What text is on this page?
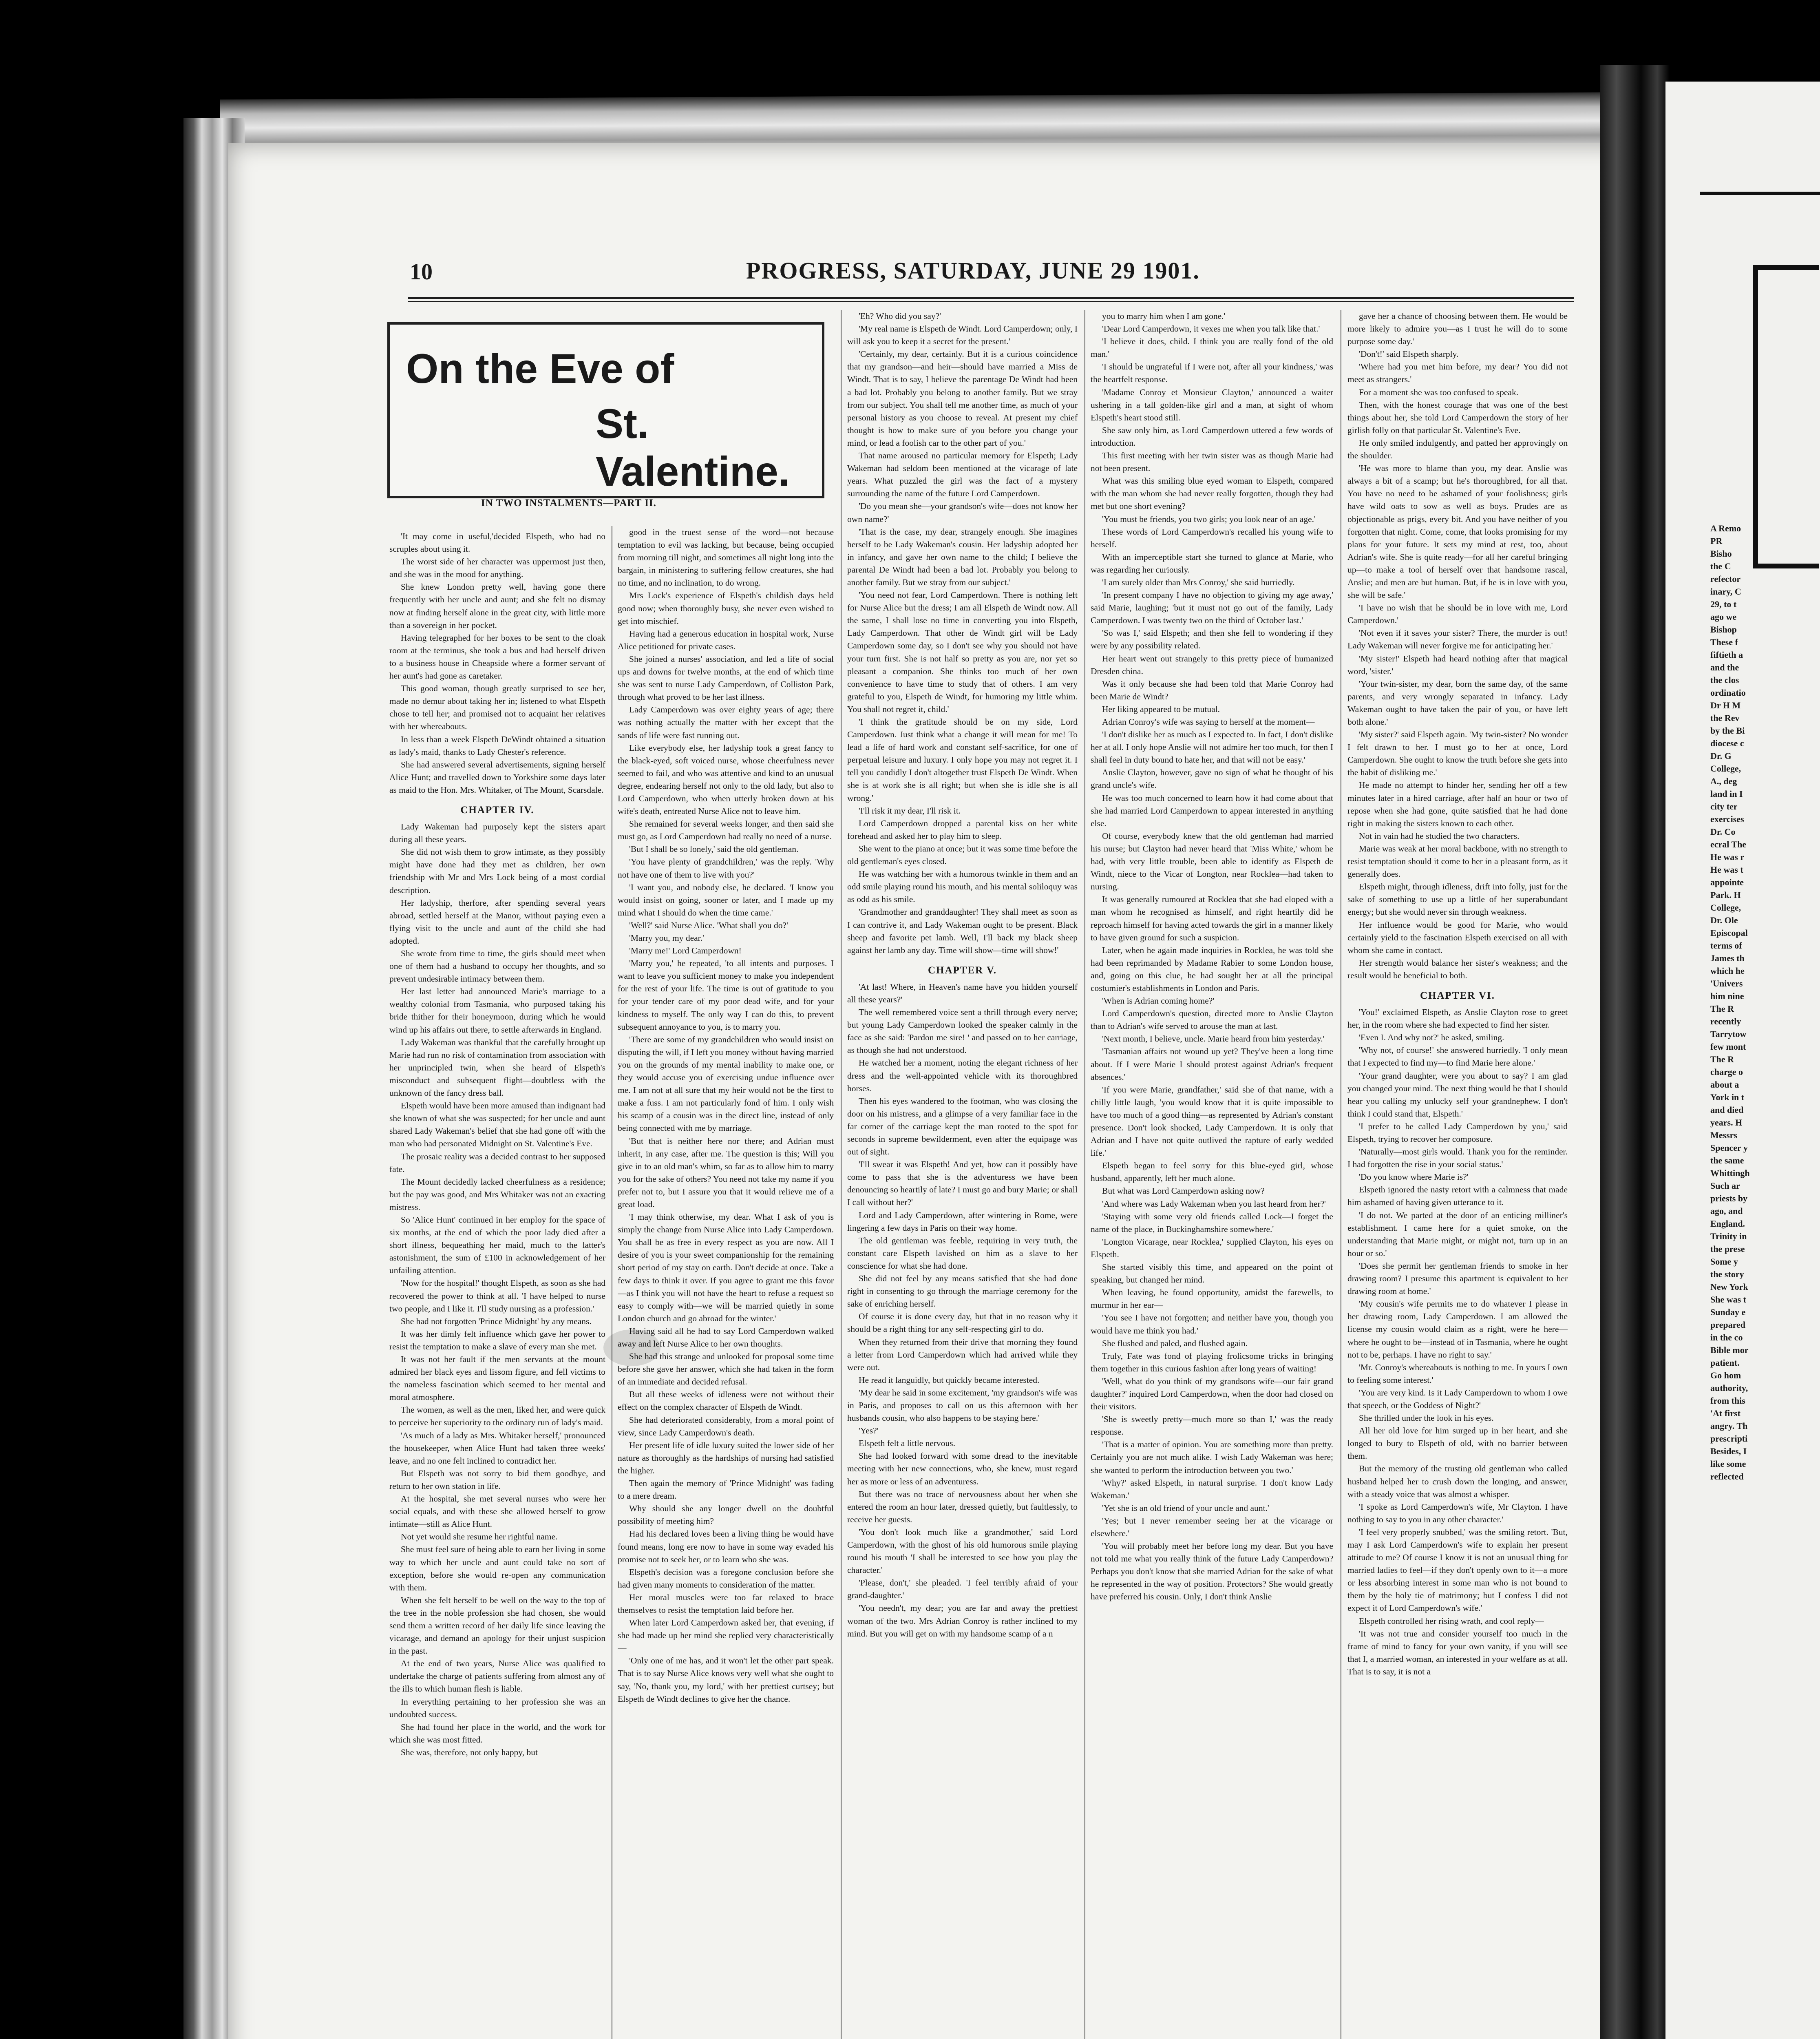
A Remo
PR
Bisho
the C
refector
inary, C
29, to t
ago we
Bishop
These f
fiftieth a
and the
the clos
ordinatio
Dr H M
the Rev
by the Bi
diocese c
Dr. G
College,
A., deg
land in I
city ter
exercises
Dr. Co
ecral The
He was r
He was t
appointe
Park. H
College,
Dr. Ole
Episcopal
terms of
James th
which he
'Univers
him nine
The R
recently
Tarrytow
few mont
The R
charge o
about a
York in t
and died
years. H
Messrs
Spencer y
the same
Whittingh
Such ar
priests by
ago, and
England.
Trinity in
the prese
Some y
the story
New York
She was t
Sunday e
prepared
in the co
Bible mor
patient.
Go hom
authority,
from this
'At first
angry. Th
prescripti
Besides, I
like some
reflected
10	PROGRESS, SATURDAY, JUNE 29 1901.
On the Eve of
St. Valentine.
IN TWO INSTALMENTS—PART II.

'It may come in useful,'decided Elspeth, who had no scruples about using it.

The worst side of her character was uppermost just then, and she was in the mood for anything.

She knew London pretty well, having gone there frequently with her uncle and aunt; and she felt no dismay now at finding herself alone in the great city, with little more than a sovereign in her pocket.

Having telegraphed for her boxes to be sent to the cloak room at the terminus, she took a bus and had herself driven to a business house in Cheapside where a former servant of her aunt's had gone as caretaker.

This good woman, though greatly surprised to see her, made no demur about taking her in; listened to what Elspeth chose to tell her; and promised not to acquaint her relatives with her whereabouts.

In less than a week Elspeth DeWindt obtained a situation as lady's maid, thanks to Lady Chester's reference.

She had answered several advertisements, signing herself Alice Hunt; and travelled down to Yorkshire some days later as maid to the Hon. Mrs. Whitaker, of The Mount, Scarsdale.

CHAPTER IV.

Lady Wakeman had purposely kept the sisters apart during all these years.

She did not wish them to grow intimate, as they possibly might have done had they met as children, her own friendship with Mr and Mrs Lock being of a most cordial description.

Her ladyship, therfore, after spending several years abroad, settled herself at the Manor, without paying even a flying visit to the uncle and aunt of the child she had adopted.

She wrote from time to time, the girls should meet when one of them had a husband to occupy her thoughts, and so prevent undesirable intimacy between them.

Her last letter had announced Marie's marriage to a wealthy colonial from Tasmania, who purposed taking his bride thither for their honeymoon, during which he would wind up his affairs out there, to settle afterwards in England.

Lady Wakeman was thankful that the carefully brought up Marie had run no risk of contamination from association with her unprincipled twin, when she heard of Elspeth's misconduct and subsequent flight—doubtless with the unknown of the fancy dress ball.

Elspeth would have been more amused than indignant had she known of what she was suspected; for her uncle and aunt shared Lady Wakeman's belief that she had gone off with the man who had personated Midnight on St. Valentine's Eve.

The prosaic reality was a decided contrast to her supposed fate.

The Mount decidedly lacked cheerfulness as a residence; but the pay was good, and Mrs Whitaker was not an exacting mistress.

So 'Alice Hunt' continued in her employ for the space of six months, at the end of which the poor lady died after a short illness, bequeathing her maid, much to the latter's astonishment, the sum of £100 in acknowledgement of her unfailing attention.

'Now for the hospital!' thought Elspeth, as soon as she had recovered the power to think at all. 'I have helped to nurse two people, and I like it. I'll study nursing as a profession.'

She had not forgotten 'Prince Midnight' by any means.

It was her dimly felt influence which gave her power to resist the temptation to make a slave of every man she met.

It was not her fault if the men servants at the mount admired her black eyes and lissom figure, and fell victims to the nameless fascination which seemed to her mental and moral atmosphere.

The women, as well as the men, liked her, and were quick to perceive her superiority to the ordinary run of lady's maid.

'As much of a lady as Mrs. Whitaker herself,' pronounced the housekeeper, when Alice Hunt had taken three weeks' leave, and no one felt inclined to contradict her.

But Elspeth was not sorry to bid them goodbye, and return to her own station in life.

At the hospital, she met several nurses who were her social equals, and with these she allowed herself to grow intimate—still as Alice Hunt.

Not yet would she resume her rightful name.

She must feel sure of being able to earn her living in some way to which her uncle and aunt could take no sort of exception, before she would re-open any communication with them.

When she felt herself to be well on the way to the top of the tree in the noble profession she had chosen, she would send them a written record of her daily life since leaving the vicarage, and demand an apology for their unjust suspicion in the past.

At the end of two years, Nurse Alice was qualified to undertake the charge of patients suffering from almost any of the ills to which human flesh is liable.

In everything pertaining to her profession she was an undoubted success.

She had found her place in the world, and the work for which she was most fitted.

She was, therefore, not only happy, but

good in the truest sense of the word—not because temptation to evil was lacking, but because, being occupied from morning till night, and sometimes all night long into the bargain, in ministering to suffering fellow creatures, she had no time, and no inclination, to do wrong.

Mrs Lock's experience of Elspeth's childish days held good now; when thoroughly busy, she never even wished to get into mischief.

Having had a generous education in hospital work, Nurse Alice petitioned for private cases.

She joined a nurses' association, and led a life of social ups and downs for twelve months, at the end of which time she was sent to nurse Lady Camperdown, of Colliston Park, through what proved to be her last illness.

Lady Camperdown was over eighty years of age; there was nothing actually the matter with her except that the sands of life were fast running out.

Like everybody else, her ladyship took a great fancy to the black-eyed, soft voiced nurse, whose cheerfulness never seemed to fail, and who was attentive and kind to an unusual degree, endearing herself not only to the old lady, but also to Lord Camperdown, who when utterly broken down at his wife's death, entreated Nurse Alice not to leave him.

She remained for several weeks longer, and then said she must go, as Lord Camperdown had really no need of a nurse.

'But I shall be so lonely,' said the old gentleman.

'You have plenty of grandchildren,' was the reply. 'Why not have one of them to live with you?'

'I want you, and nobody else, he declared. 'I know you would insist on going, sooner or later, and I made up my mind what I should do when the time came.'

'Well?' said Nurse Alice. 'What shall you do?'

'Marry you, my dear.'

'Marry me!' Lord Camperdown!

'Marry you,' he repeated, 'to all intents and purposes. I want to leave you sufficient money to make you independent for the rest of your life. The time is out of gratitude to you for your tender care of my poor dead wife, and for your kindness to myself. The only way I can do this, to prevent subsequent annoyance to you, is to marry you.

'There are some of my grandchildren who would insist on disputing the will, if I left you money without having married you on the grounds of my mental inability to make one, or they would accuse you of exercising undue influence over me. I am not at all sure that my heir would not be the first to make a fuss. I am not particularly fond of him. I only wish his scamp of a cousin was in the direct line, instead of only being connected with me by marriage.

'But that is neither here nor there; and Adrian must inherit, in any case, after me. The question is this; Will you give in to an old man's whim, so far as to allow him to marry you for the sake of others? You need not take my name if you prefer not to, but I assure you that it would relieve me of a great load.

'I may think otherwise, my dear. What I ask of you is simply the change from Nurse Alice into Lady Camperdown. You shall be as free in every respect as you are now. All I desire of you is your sweet companionship for the remaining short period of my stay on earth. Don't decide at once. Take a few days to think it over. If you agree to grant me this favor—as I think you will not have the heart to refuse a request so easy to comply with—we will be married quietly in some London church and go abroad for the winter.'

Having said all he had to say Lord Camperdown walked away and left Nurse Alice to her own thoughts.

She had this strange and unlooked for proposal some time before she gave her answer, which she had taken in the form of an immediate and decided refusal.

But all these weeks of idleness were not without their effect on the complex character of Elspeth de Windt.

She had deteriorated considerably, from a moral point of view, since Lady Camperdown's death.

Her present life of idle luxury suited the lower side of her nature as thoroughly as the hardships of nursing had satisfied the higher.

Then again the memory of 'Prince Midnight' was fading to a mere dream.

Why should she any longer dwell on the doubtful possibility of meeting him?

Had his declared loves been a living thing he would have found means, long ere now to have in some way evaded his promise not to seek her, or to learn who she was.

Elspeth's decision was a foregone conclusion before she had given many moments to consideration of the matter.

Her moral muscles were too far relaxed to brace themselves to resist the temptation laid before her.

When later Lord Camperdown asked her, that evening, if she had made up her mind she replied very characteristically—

'Only one of me has, and it won't let the other part speak. That is to say Nurse Alice knows very well what she ought to say, 'No, thank you, my lord,' with her prettiest curtsey; but Elspeth de Windt declines to give her the chance.

'Eh? Who did you say?'

'My real name is Elspeth de Windt. Lord Camperdown; only, I will ask you to keep it a secret for the present.'

'Certainly, my dear, certainly. But it is a curious coincidence that my grandson—and heir—should have married a Miss de Windt. That is to say, I believe the parentage De Windt had been a bad lot. Probably you belong to another family. But we stray from our subject. You shall tell me another time, as much of your personal history as you choose to reveal. At present my chief thought is how to make sure of you before you change your mind, or lead a foolish car to the other part of you.'

That name aroused no particular memory for Elspeth; Lady Wakeman had seldom been mentioned at the vicarage of late years. What puzzled the girl was the fact of a mystery surrounding the name of the future Lord Camperdown.

'Do you mean she—your grandson's wife—does not know her own name?'

'That is the case, my dear, strangely enough. She imagines herself to be Lady Wakeman's cousin. Her ladyship adopted her in infancy, and gave her own name to the child; I believe the parental De Windt had been a bad lot. Probably you belong to another family. But we stray from our subject.'

'You need not fear, Lord Camperdown. There is nothing left for Nurse Alice but the dress; I am all Elspeth de Windt now. All the same, I shall lose no time in converting you into Elspeth, Lady Camperdown. That other de Windt girl will be Lady Camperdown some day, so I don't see why you should not have your turn first. She is not half so pretty as you are, nor yet so pleasant a companion. She thinks too much of her own convenience to have time to study that of others. I am very grateful to you, Elspeth de Windt, for humoring my little whim. You shall not regret it, child.'

'I think the gratitude should be on my side, Lord Camperdown. Just think what a change it will mean for me! To lead a life of hard work and constant self-sacrifice, for one of perpetual leisure and luxury. I only hope you may not regret it. I tell you candidly I don't altogether trust Elspeth De Windt. When she is at work she is all right; but when she is idle she is all wrong.'

'I'll risk it my dear, I'll risk it.

Lord Camperdown dropped a parental kiss on her white forehead and asked her to play him to sleep.

She went to the piano at once; but it was some time before the old gentleman's eyes closed.

He was watching her with a humorous twinkle in them and an odd smile playing round his mouth, and his mental soliloquy was as odd as his smile.

'Grandmother and granddaughter! They shall meet as soon as I can contrive it, and Lady Wakeman ought to be present. Black sheep and favorite pet lamb. Well, I'll back my black sheep against her lamb any day. Time will show—time will show!'

CHAPTER V.

'At last! Where, in Heaven's name have you hidden yourself all these years?'

The well remembered voice sent a thrill through every nerve; but young Lady Camperdown looked the speaker calmly in the face as she said: 'Pardon me sire! ' and passed on to her carriage, as though she had not understood.

He watched her a moment, noting the elegant richness of her dress and the well-appointed vehicle with its thoroughbred horses.

Then his eyes wandered to the footman, who was closing the door on his mistress, and a glimpse of a very familiar face in the far corner of the carriage kept the man rooted to the spot for seconds in supreme bewilderment, even after the equipage was out of sight.

'I'll swear it was Elspeth! And yet, how can it possibly have come to pass that she is the adventuress we have been denouncing so heartily of late? I must go and bury Marie; or shall I call without her?'

Lord and Lady Camperdown, after wintering in Rome, were lingering a few days in Paris on their way home.

The old gentleman was feeble, requiring in very truth, the constant care Elspeth lavished on him as a slave to her conscience for what she had done.

She did not feel by any means satisfied that she had done right in consenting to go through the marriage ceremony for the sake of enriching herself.

Of course it is done every day, but that in no reason why it should be a right thing for any self-respecting girl to do.

When they returned from their drive that morning they found a letter from Lord Camperdown which had arrived while they were out.

He read it languidly, but quickly became interested.

'My dear he said in some excitement, 'my grandson's wife was in Paris, and proposes to call on us this afternoon with her husbands cousin, who also happens to be staying here.'

'Yes?'

Elspeth felt a little nervous.

She had looked forward with some dread to the inevitable meeting with her new connections, who, she knew, must regard her as more or less of an adventuress.

But there was no trace of nervousness about her when she entered the room an hour later, dressed quietly, but faultlessly, to receive her guests.

'You don't look much like a grandmother,' said Lord Camperdown, with the ghost of his old humorous smile playing round his mouth 'I shall be interested to see how you play the character.'

'Please, don't,' she pleaded. 'I feel terribly afraid of your grand-daughter.'

'You needn't, my dear; you are far and away the prettiest woman of the two. Mrs Adrian Conroy is rather inclined to my mind. But you will get on with my handsome scamp of a n

you to marry him when I am gone.'

'Dear Lord Camperdown, it vexes me when you talk like that.'

'I believe it does, child. I think you are really fond of the old man.'

'I should be ungrateful if I were not, after all your kindness,' was the heartfelt response.

'Madame Conroy et Monsieur Clayton,' announced a waiter ushering in a tall golden-like girl and a man, at sight of whom Elspeth's heart stood still.

She saw only him, as Lord Camperdown uttered a few words of introduction.

This first meeting with her twin sister was as though Marie had not been present.

What was this smiling blue eyed woman to Elspeth, compared with the man whom she had never really forgotten, though they had met but one short evening?

'You must be friends, you two girls; you look near of an age.'

These words of Lord Camperdown's recalled his young wife to herself.

With an imperceptible start she turned to glance at Marie, who was regarding her curiously.

'I am surely older than Mrs Conroy,' she said hurriedly.

'In present company I have no objection to giving my age away,' said Marie, laughing; 'but it must not go out of the family, Lady Camperdown. I was twenty two on the third of October last.'

'So was I,' said Elspeth; and then she fell to wondering if they were by any possibility related.

Her heart went out strangely to this pretty piece of humanized Dresden china.

Was it only because she had been told that Marie Conroy had been Marie de Windt?

Her liking appeared to be mutual.

Adrian Conroy's wife was saying to herself at the moment—

'I don't dislike her as much as I expected to. In fact, I don't dislike her at all. I only hope Anslie will not admire her too much, for then I shall feel in duty bound to hate her, and that will not be easy.'

Anslie Clayton, however, gave no sign of what he thought of his grand uncle's wife.

He was too much concerned to learn how it had come about that she had married Lord Camperdown to appear interested in anything else.

Of course, everybody knew that the old gentleman had married his nurse; but Clayton had never heard that 'Miss White,' whom he had, with very little trouble, been able to identify as Elspeth de Windt, niece to the Vicar of Longton, near Rocklea—had taken to nursing.

It was generally rumoured at Rocklea that she had eloped with a man whom he recognised as himself, and right heartily did he reproach himself for having acted towards the girl in a manner likely to have given ground for such a suspicion.

Later, when he again made inquiries in Rocklea, he was told she had been reprimanded by Madame Rabier to some London house, and, going on this clue, he had sought her at all the principal costumier's establishments in London and Paris.

'When is Adrian coming home?'

Lord Camperdown's question, directed more to Anslie Clayton than to Adrian's wife served to arouse the man at last.

'Next month, I believe, uncle. Marie heard from him yesterday.'

'Tasmanian affairs not wound up yet? They've been a long time about. If I were Marie I should protest against Adrian's frequent absences.'

'If you were Marie, grandfather,' said she of that name, with a chilly little laugh, 'you would know that it is quite impossible to have too much of a good thing—as represented by Adrian's constant presence. Don't look shocked, Lady Camperdown. It is only that Adrian and I have not quite outlived the rapture of early wedded life.'

Elspeth began to feel sorry for this blue-eyed girl, whose husband, apparently, left her much alone.

But what was Lord Camperdown asking now?

'And where was Lady Wakeman when you last heard from her?'

'Staying with some very old friends called Lock—I forget the name of the place, in Buckinghamshire somewhere.'

'Longton Vicarage, near Rocklea,' supplied Clayton, his eyes on Elspeth.

She started visibly this time, and appeared on the point of speaking, but changed her mind.

When leaving, he found opportunity, amidst the farewells, to murmur in her ear—

'You see I have not forgotten; and neither have you, though you would have me think you had.'

She flushed and paled, and flushed again.

Truly, Fate was fond of playing frolicsome tricks in bringing them together in this curious fashion after long years of waiting!

'Well, what do you think of my grandsons wife—our fair grand daughter?' inquired Lord Camperdown, when the door had closed on their visitors.

'She is sweetly pretty—much more so than I,' was the ready response.

'That is a matter of opinion. You are something more than pretty. Certainly you are not much alike. I wish Lady Wakeman was here; she wanted to perform the introduction between you two.'

'Why?' asked Elspeth, in natural surprise. 'I don't know Lady Wakeman.'

'Yet she is an old friend of your uncle and aunt.'

'Yes; but I never remember seeing her at the vicarage or elsewhere.'

'You will probably meet her before long my dear. But you have not told me what you really think of the future Lady Camperdown? Perhaps you don't know that she married Adrian for the sake of what he represented in the way of position. Protectors? She would greatly have preferred his cousin. Only, I don't think Anslie

gave her a chance of choosing between them. He would be more likely to admire you—as I trust he will do to some purpose some day.'

'Don't!' said Elspeth sharply.

'Where had you met him before, my dear? You did not meet as strangers.'

For a moment she was too confused to speak.

Then, with the honest courage that was one of the best things about her, she told Lord Camperdown the story of her girlish folly on that particular St. Valentine's Eve.

He only smiled indulgently, and patted her approvingly on the shoulder.

'He was more to blame than you, my dear. Anslie was always a bit of a scamp; but he's thoroughbred, for all that. You have no need to be ashamed of your foolishness; girls have wild oats to sow as well as boys. Prudes are as objectionable as prigs, every bit. And you have neither of you forgotten that night. Come, come, that looks promising for my plans for your future. It sets my mind at rest, too, about Adrian's wife. She is quite ready—for all her careful bringing up—to make a tool of herself over that handsome rascal, Anslie; and men are but human. But, if he is in love with you, she will be safe.'

'I have no wish that he should be in love with me, Lord Camperdown.'

'Not even if it saves your sister? There, the murder is out! Lady Wakeman will never forgive me for anticipating her.'

'My sister!' Elspeth had heard nothing after that magical word, 'sister.'

'Your twin-sister, my dear, born the same day, of the same parents, and very wrongly separated in infancy. Lady Wakeman ought to have taken the pair of you, or have left both alone.'

'My sister?' said Elspeth again. 'My twin-sister? No wonder I felt drawn to her. I must go to her at once, Lord Camperdown. She ought to know the truth before she gets into the habit of disliking me.'

He made no attempt to hinder her, sending her off a few minutes later in a hired carriage, after half an hour or two of repose when she had gone, quite satisfied that he had done right in making the sisters known to each other.

Not in vain had he studied the two characters.

Marie was weak at her moral backbone, with no strength to resist temptation should it come to her in a pleasant form, as it generally does.

Elspeth might, through idleness, drift into folly, just for the sake of something to use up a little of her superabundant energy; but she would never sin through weakness.

Her influence would be good for Marie, who would certainly yield to the fascination Elspeth exercised on all with whom she came in contact.

Her strength would balance her sister's weakness; and the result would be beneficial to both.

CHAPTER VI.

'You!' exclaimed Elspeth, as Anslie Clayton rose to greet her, in the room where she had expected to find her sister.

'Even I. And why not?' he asked, smiling.

'Why not, of course!' she answered hurriedly. 'I only mean that I expected to find my—to find Marie here alone.'

'Your grand daughter, were you about to say? I am glad you changed your mind. The next thing would be that I should hear you calling my unlucky self your grandnephew. I don't think I could stand that, Elspeth.'

'I prefer to be called Lady Camperdown by you,' said Elspeth, trying to recover her composure.

'Naturally—most girls would. Thank you for the reminder. I had forgotten the rise in your social status.'

'Do you know where Marie is?'

Elspeth ignored the nasty retort with a calmness that made him ashamed of having given utterance to it.

'I do not. We parted at the door of an enticing milliner's establishment. I came here for a quiet smoke, on the understanding that Marie might, or might not, turn up in an hour or so.'

'Does she permit her gentleman friends to smoke in her drawing room? I presume this apartment is equivalent to her drawing room at home.'

'My cousin's wife permits me to do whatever I please in her drawing room, Lady Camperdown. I am allowed the license my cousin would claim as a right, were he here—where he ought to be—instead of in Tasmania, where he ought not to be, perhaps. I have no right to say.'

'Mr. Conroy's whereabouts is nothing to me. In yours I own to feeling some interest.'

'You are very kind. Is it Lady Camperdown to whom I owe that speech, or the Goddess of Night?'

She thrilled under the look in his eyes.

All her old love for him surged up in her heart, and she longed to bury to Elspeth of old, with no barrier between them.

But the memory of the trusting old gentleman who called husband helped her to crush down the longing, and answer, with a steady voice that was almost a whisper.

'I spoke as Lord Camperdown's wife, Mr Clayton. I have nothing to say to you in any other character.'

'I feel very properly snubbed,' was the smiling retort. 'But, may I ask Lord Camperdown's wife to explain her present attitude to me? Of course I know it is not an unusual thing for married ladies to feel—if they don't openly own to it—a more or less absorbing interest in some man who is not bound to them by the holy tie of matrimony; but I confess I did not expect it of Lord Camperdown's wife.'

Elspeth controlled her rising wrath, and cool reply—

'It was not true and consider yourself too much in the frame of mind to fancy for your own vanity, if you will see that I, a married woman, an interested in your welfare as at all. That is to say, it is not a
